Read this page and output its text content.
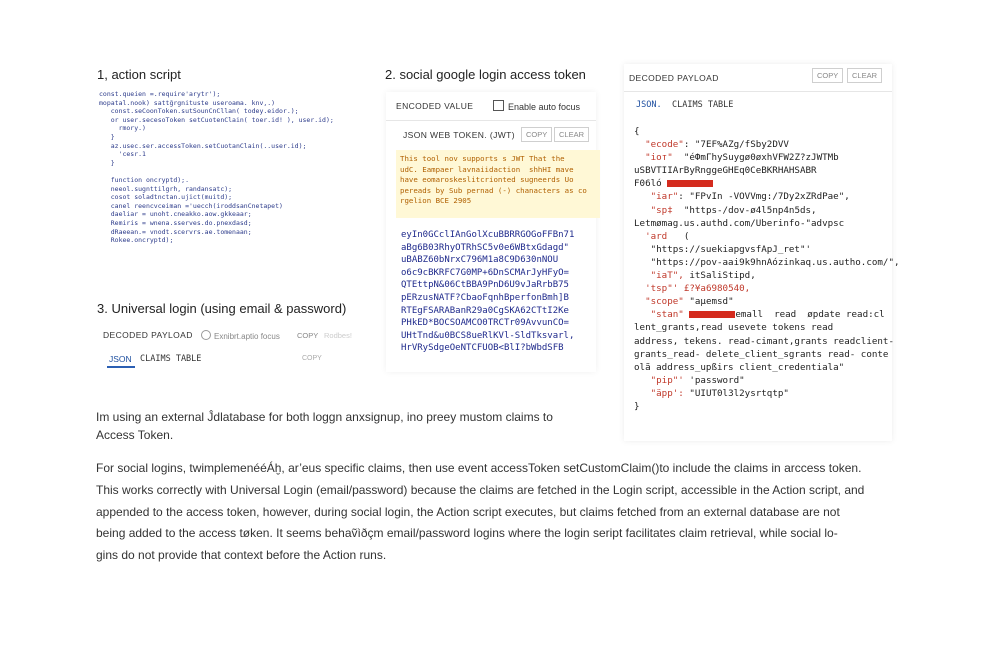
1, action script
const.queien =.require'arytr');
mopatal.nook) sattğrgnituste useroama. knv,.)
const.seCoonToken.sutSounCnCllan( todey.eidor.);
or user.secesoToken setCuotenClain( toer.id! ), user.id);
rmory.)
}
az.usec.ser.accessToken.setCuotanClain(..user.id);
'cesr.1
}

function oncryptd);.
neeol.sugnttilgrh, randansatc);
cosot soladtnctan.ujict(muitd);
canel reencvceiman ='uecch(iroddsanCnetapet)
daeliar = unoht.cneakko.aow.gkkeaar;
Remiris = wnena.sserves.do.pnexdasd;
dRaeean.= vnodt.scervrs.ae.tomenaan;
Rokee.oncryptd);
2. social google login access token
ENCODED VALUE	Enable auto focus
JSON WEB TOKEN. (JWT)	COPY	CLEAR
This tool nov supports s JWT That the
udC. Eampaer lavnaiidaction  shhHI mave
have eomaroskeslitcrionted sugneerds Uo
pereads by Sub pernad (-) chanacters as co
rgelion BCE 2905
eyIn0GCclIAnGolXcuBBRRGOGoFFBn71
aBg6B03RhyOTRhSC5v0e6WBtxGdagd"
uBABZ60bNrxC796M1a8C9D630nNOU
o6c9cBKRFC7G0MP+6DnSCMArJyHFyO=
QTEttpN&06CtBBA9PnD6U9vJaRrbB75
pERzusNATF?CbaoFqnhBperfonBmh]B
RTEgFSARABanR29a0CgSKA62CTtI2Ke
PHkED*BOCSOAMCO0TRCTr09AvvunCO=
UHtTnd&u0BCS8ueRlKVl-SldTksvarl,
HrVRySdgeOeNTCFUOB<BlI?bWbdSFB
3. Universal login (using email & password)
DECODED PAYLOAD	Exnibrt.aptio focus COPY Rodbes!
JSON CLAIMS TABLE	COPY
DECODED PAYLOAD	COPY	CLEAR
JSON. CLAIMS TABLE
{
"ecode": "7EF%AZg/fSby2DVV
"ioт"  "éФmГhySuygø0øxhVFW2Z?zJWTMb
uSBVTIIArByRnggeGHEq0CeBKRHAHSABR
F06ló
"iar": "FPvIn -VOVVmg:/7Dy2xZRdPae",
"sp‡  "https-/dov-ø4l5np4n5ds,
Letmømag.us.authd.com/Uberinfo-"advpsc
'ard   (
"https://suekiapgvsfApJ_ret"'
"https://pov-aai9k9hnAózinkaq.us.autho.com/",
"iaT", itSaliStipd,
'tsp"' £?¥a6980540,
"scope" "aµemsd"
"stan"	emall  read  øpdate read:cl
lent_grants,read usevete tokens read
address, tekens. read-cimant,grants readclient-
grants_read- delete_client_sgrants read- conte
olã address_upßirs client_credentiala"
"pip"' 'password"
"äpp': "UIUT0l3l2ysrtqtp"
}
Im using an external Ĵdlatabase for both loggn anxsignup, ino preey mustom claims to
Access Token.
For social logins, twimplemenééÁḫ, ar’eus specific claims, then use event accessToken setCustomClaim()to include the claims in arccess token.
This works correctly with Universal Login (email/password) because the claims are fetched in the Login script, accessible in the Action script, and
appended to the access token, however, during social login, the Action script executes, but claims fetched from an external database are not
being added to the access tøken. It seems behaṽìðçm email/password logins where the login seript facilitates claim retrieval, while social lo-
gins do not provide that context before the Action runs.
